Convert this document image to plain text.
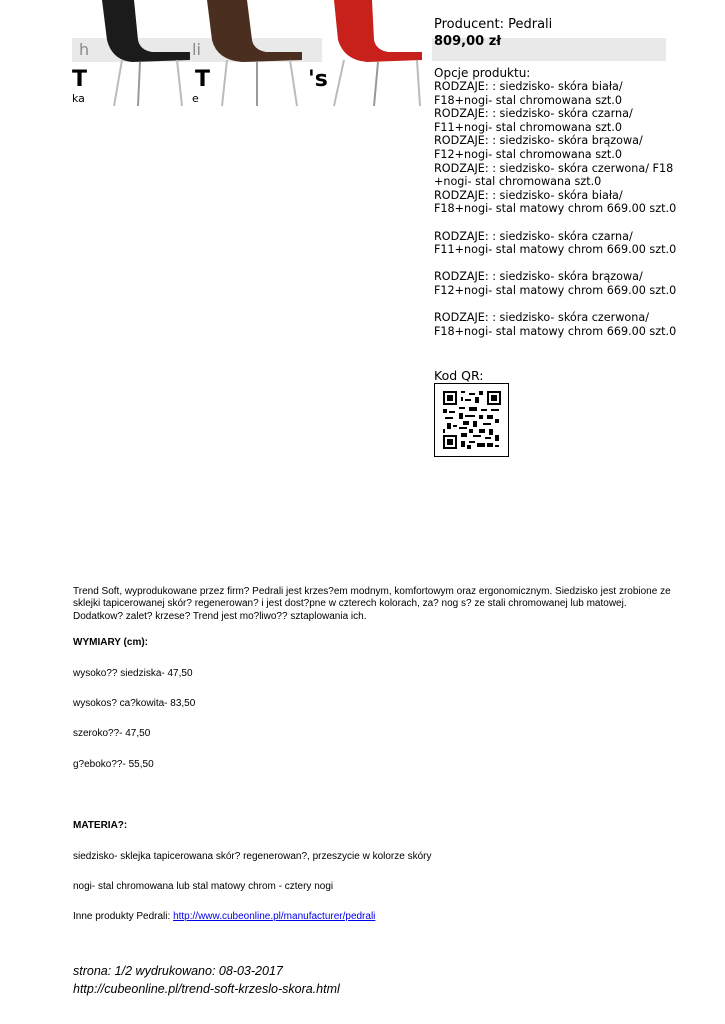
h	li
T	T	's
ka	e
Producent: Pedrali
809,00 zł
Opcje produktu:
RODZAJE: : siedzisko- skóra biała/
F18+nogi- stal chromowana szt.0
RODZAJE: : siedzisko- skóra czarna/
F11+nogi- stal chromowana szt.0
RODZAJE: : siedzisko- skóra brązowa/
F12+nogi- stal chromowana szt.0
RODZAJE: : siedzisko- skóra czerwona/ F18
+nogi- stal chromowana szt.0
RODZAJE: : siedzisko- skóra biała/
F18+nogi- stal matowy chrom 669.00 szt.0
RODZAJE: : siedzisko- skóra czarna/
F11+nogi- stal matowy chrom 669.00 szt.0
RODZAJE: : siedzisko- skóra brązowa/
F12+nogi- stal matowy chrom 669.00 szt.0
RODZAJE: : siedzisko- skóra czerwona/
F18+nogi- stal matowy chrom 669.00 szt.0
Kod QR:

Trend Soft, wyprodukowane przez firm? Pedrali jest krzes?em modnym, komfortowym oraz ergonomicznym. Siedzisko jest zrobione ze sklejki tapicerowanej skór? regenerowan? i jest dost?pne w czterech kolorach, za? nog s? ze stali chromowanej lub matowej. Dodatkow? zalet? krzese? Trend jest mo?liwo?? sztaplowania ich.

WYMIARY (cm):
wysoko?? siedziska- 47,50
wysokos? ca?kowita- 83,50
szeroko??- 47,50
g?eboko??- 55,50
MATERIA?:
siedzisko- sklejka tapicerowana skór? regenerowan?, przeszycie w kolorze skóry
nogi- stal chromowana lub stal matowy chrom - cztery nogi
Inne produkty Pedrali: http://www.cubeonline.pl/manufacturer/pedrali
strona: 1/2 wydrukowano: 08-03-2017
http://cubeonline.pl/trend-soft-krzeslo-skora.html
